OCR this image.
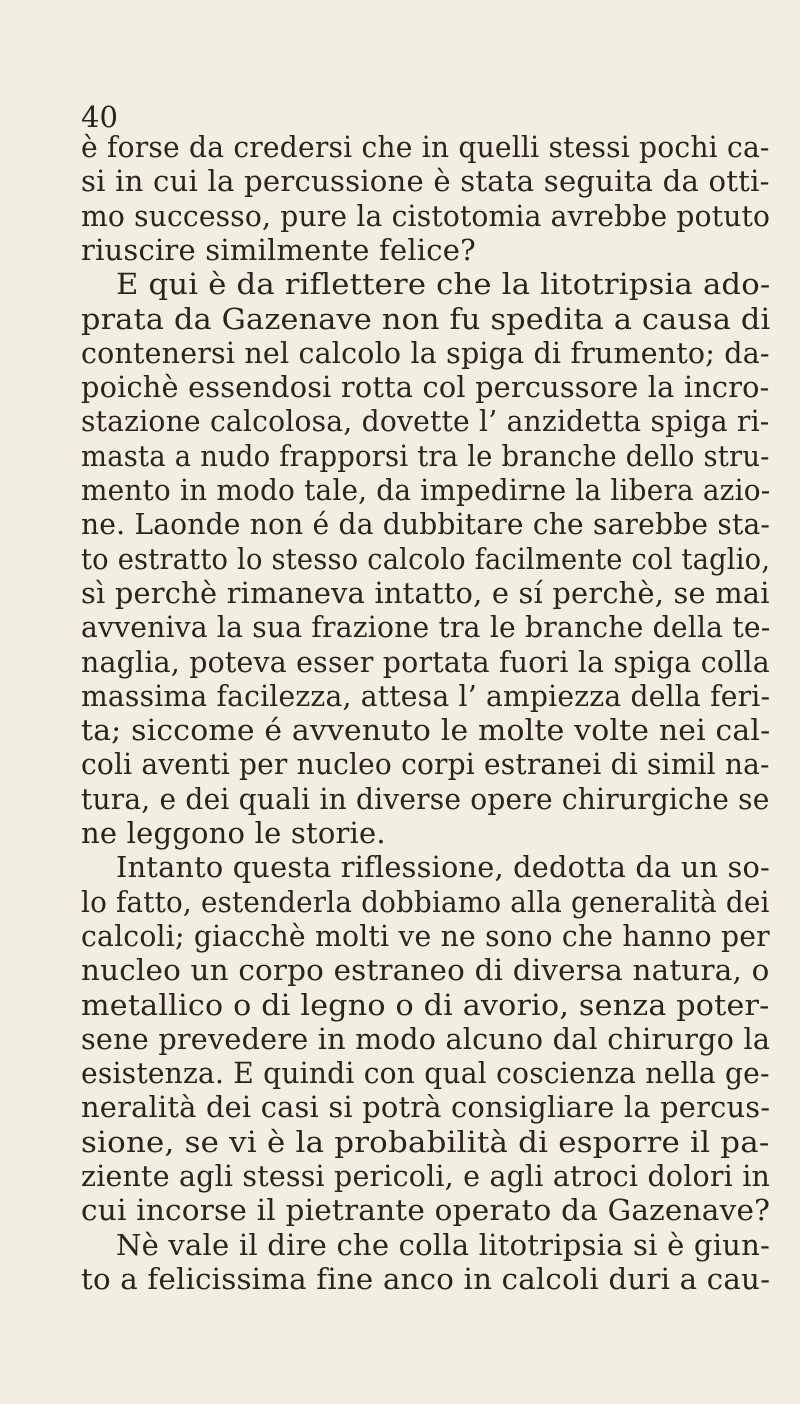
40
è forse da credersi che in quelli stessi pochi ca-
si in cui la percussione è stata seguita da otti-
mo successo, pure la cistotomia avrebbe potuto
riuscire similmente felice?
E qui è da riflettere che la litotripsia ado-
prata da Gazenave non fu spedita a causa di
contenersi nel calcolo la spiga di frumento; da-
poichè essendosi rotta col percussore la incro-
stazione calcolosa, dovette l’ anzidetta spiga ri-
masta a nudo frapporsi tra le branche dello stru-
mento in modo tale, da impedirne la libera azio-
ne. Laonde non é da dubbitare che sarebbe sta-
to estratto lo stesso calcolo facilmente col taglio,
sì perchè rimaneva intatto, e sí perchè, se mai
avveniva la sua frazione tra le branche della te-
naglia, poteva esser portata fuori la spiga colla
massima facilezza, attesa l’ ampiezza della feri-
ta; siccome é avvenuto le molte volte nei cal-
coli aventi per nucleo corpi estranei di simil na-
tura, e dei quali in diverse opere chirurgiche se
ne leggono le storie.
Intanto questa riflessione, dedotta da un so-
lo fatto, estenderla dobbiamo alla generalità dei
calcoli; giacchè molti ve ne sono che hanno per
nucleo un corpo estraneo di diversa natura, o
metallico o di legno o di avorio, senza poter-
sene prevedere in modo alcuno dal chirurgo la
esistenza. E quindi con qual coscienza nella ge-
neralità dei casi si potrà consigliare la percus-
sione, se vi è la probabilità di esporre il pa-
ziente agli stessi pericoli, e agli atroci dolori in
cui incorse il pietrante operato da Gazenave?
Nè vale il dire che colla litotripsia si è giun-
to a felicissima fine anco in calcoli duri a cau-
